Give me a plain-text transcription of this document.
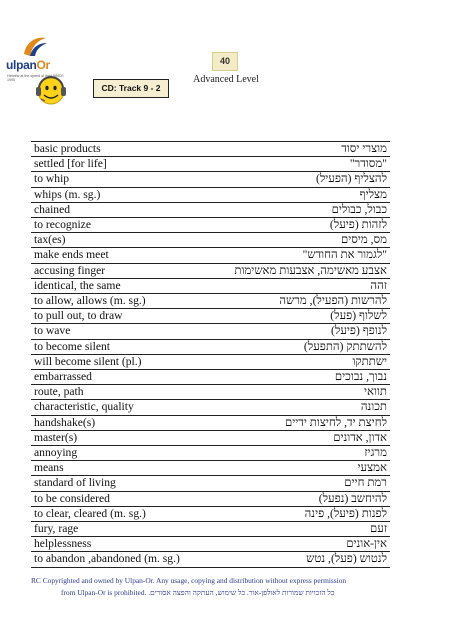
ulpanOr
Hebrew at the speed of light SINCE 1995
40
Advanced Level
CD: Track 9 - 2
basic products	מוצרי יסוד
settled [for life]	"מסודר"
to whip	להצליף (הפעיל)
whips (m. sg.)	מצליף
chained	כבול, כבולים
to recognize	לזהות (פיעל)
tax(es)	מס, מיסים
make ends meet	"לגמור את החודש"
accusing finger	אצבע מאשימה, אצבעות מאשימות
identical, the same	זהה
to allow, allows (m. sg.)	להרשות (הפעיל), מרשה
to pull out, to draw	לשלוף (פעל)
to wave	לנופף (פיעל)
to become silent	להשתתק (התפעל)
will become silent (pl.)	ישתתקו
embarrassed	נבוך, נבוכים
route, path	תוואי
characteristic, quality	תכונה
handshake(s)	לחיצת יד, לחיצות ידיים
master(s)	אדון, אדונים
annoying	מרגיז
means	אמצעי
standard of living	רמת חיים
to be considered	להיחשב (נפעל)
to clear, cleared (m. sg.)	לפנות (פיעל), פינה
fury, rage	זעם
helplessness	אין-אונים
to abandon ,abandoned (m. sg.)	לנטוש (פעל), נטש
RC Copyrighted and owned by Ulpan-Or. Any usage, copying and distribution without express permission
from Ulpan-Or is prohibited. כל הזכויות שמורות לאולפן-אור. כל שימוש, העתקה והפצה אסורים.
